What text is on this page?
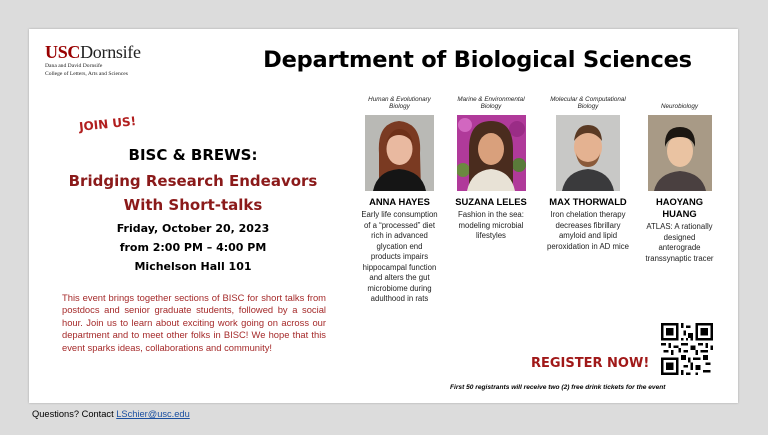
USCDornsife
Dana and David Dornsife
College of Letters, Arts and Sciences
Department of Biological Sciences
JOIN US!
BISC & BREWS:
Bridging Research Endeavors
With Short-talks
Friday, October 20, 2023
from 2:00 PM – 4:00 PM
Michelson Hall 101
This event brings together sections of BISC for short talks from postdocs and senior graduate students, followed by a social hour. Join us to learn about exciting work going on across our department and to meet other folks in BISC! We hope that this event sparks ideas, collaborations and community!
Human & Evolutionary Biology
ANNA HAYES
Early life consumption of a “processed” diet rich in advanced glycation end products impairs hippocampal function and alters the gut microbiome during adulthood in rats
Marine & Environmental Biology
SUZANA LELES
Fashion in the sea: modeling microbial lifestyles
Molecular & Computational Biology
MAX THORWALD
Iron chelation therapy decreases fibrillary amyloid and lipid peroxidation in AD mice
Neurobiology
HAOYANG HUANG
ATLAS: A rationally designed anterograde transsynaptic tracer
REGISTER NOW!
First 50 registrants will receive two (2) free drink tickets for the event
Questions? Contact LSchier@usc.edu
